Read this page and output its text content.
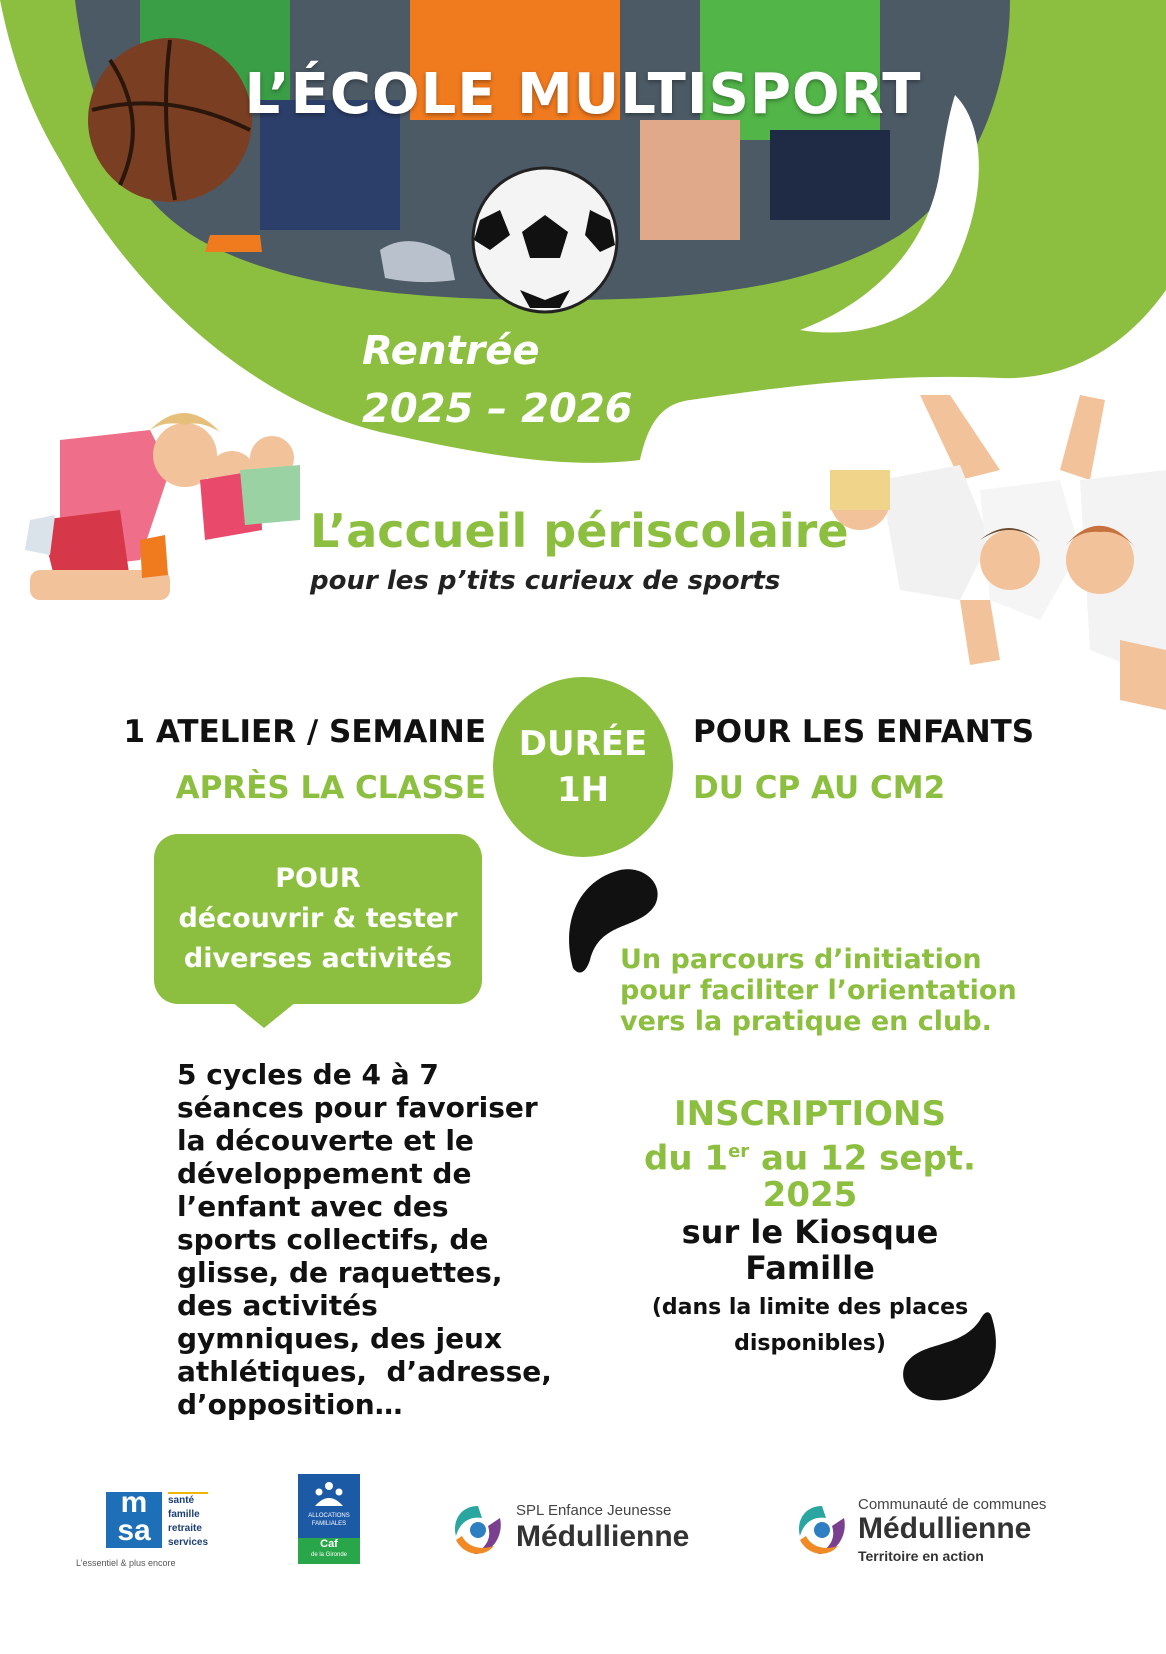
L’ÉCOLE MULTISPORT
Rentrée
2025 – 2026
L’accueil périscolaire
pour les p’tits curieux de sports
1 ATELIER / SEMAINE
APRÈS LA CLASSE
DURÉE
1H
POUR LES ENFANTS
DU CP AU CM2
POUR
découvrir & tester
diverses activités
5 cycles de 4 à 7
séances pour favoriser
la découverte et le
développement de
l’enfant avec des
sports collectifs, de
glisse, de raquettes,
des activités
gymniques, des jeux
athlétiques,  d’adresse,
d’opposition…
Un parcours d’initiation
pour faciliter l’orientation
vers la pratique en club.
INSCRIPTIONS
du 1er au 12 sept.
2025
sur le Kiosque
Famille
(dans la limite des places
disponibles)
m
sa
santé
famille
retraite
services
L’essentiel & plus encore
ALLOCATIONS
FAMILIALES
Caf
de la Gironde
SPL Enfance Jeunesse
Médullienne
Communauté de communes
Médullienne
Territoire en action
